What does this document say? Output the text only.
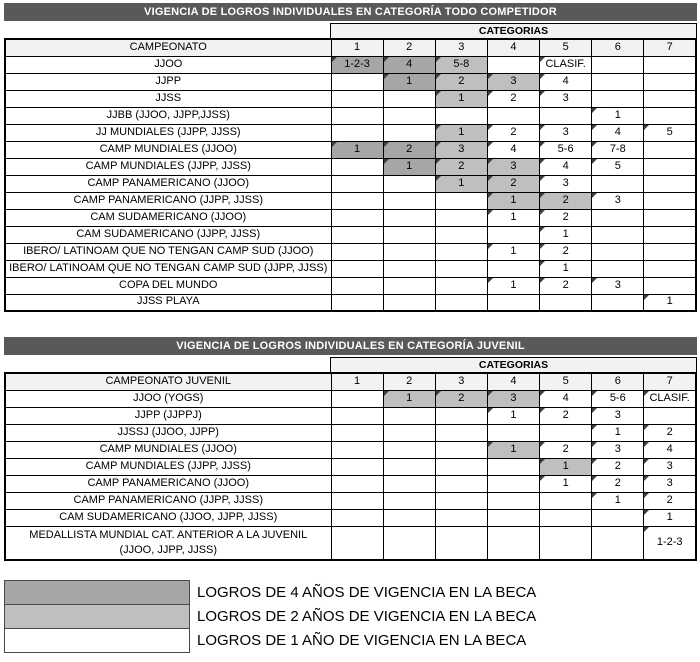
VIGENCIA DE LOGROS INDIVIDUALES EN CATEGORÍA TODO COMPETIDOR
CATEGORIAS
CAMPEONATO	1	2	3	4	5	6	7
JJOO	1-2-3	4	5-8		CLASIF.		
JJPP		1	2	3	4		
JJSS			1	2	3		
JJBB (JJOO, JJPP,JJSS)						1	
JJ MUNDIALES (JJPP, JJSS)			1	2	3	4	5
CAMP MUNDIALES (JJOO)	1	2	3	4	5-6	7-8	
CAMP MUNDIALES (JJPP, JJSS)		1	2	3	4	5	
CAMP PANAMERICANO (JJOO)			1	2	3		
CAMP PANAMERICANO (JJPP, JJSS)				1	2	3	
CAM SUDAMERICANO (JJOO)				1	2		
CAM SUDAMERICANO (JJPP, JJSS)					1		
IBERO/ LATINOAM QUE NO TENGAN CAMP SUD (JJOO)				1	2		
IBERO/ LATINOAM QUE NO TENGAN CAMP SUD (JJPP, JJSS)					1		
COPA DEL MUNDO				1	2	3	
JJSS PLAYA							1
VIGENCIA DE LOGROS INDIVIDUALES EN CATEGORÍA JUVENIL
CATEGORIAS
CAMPEONATO JUVENIL	1	2	3	4	5	6	7
JJOO (YOGS)		1	2	3	4	5-6	CLASIF.
JJPP (JJPPJ)				1	2	3	
JJSSJ (JJOO, JJPP)						1	2
CAMP MUNDIALES (JJOO)				1	2	3	4
CAMP MUNDIALES (JJPP, JJSS)					1	2	3
CAMP PANAMERICANO (JJOO)					1	2	3
CAMP PANAMERICANO (JJPP, JJSS)						1	2
CAM SUDAMERICANO (JJOO, JJPP, JJSS)							1

MEDALLISTA MUNDIAL CAT. ANTERIOR A LA JUVENIL
(JJOO, JJPP, JJSS)							1-2-3
LOGROS DE 4 AÑOS DE VIGENCIA EN LA BECA
LOGROS DE 2 AÑOS DE VIGENCIA EN LA BECA
LOGROS DE 1 AÑO DE VIGENCIA EN LA BECA
